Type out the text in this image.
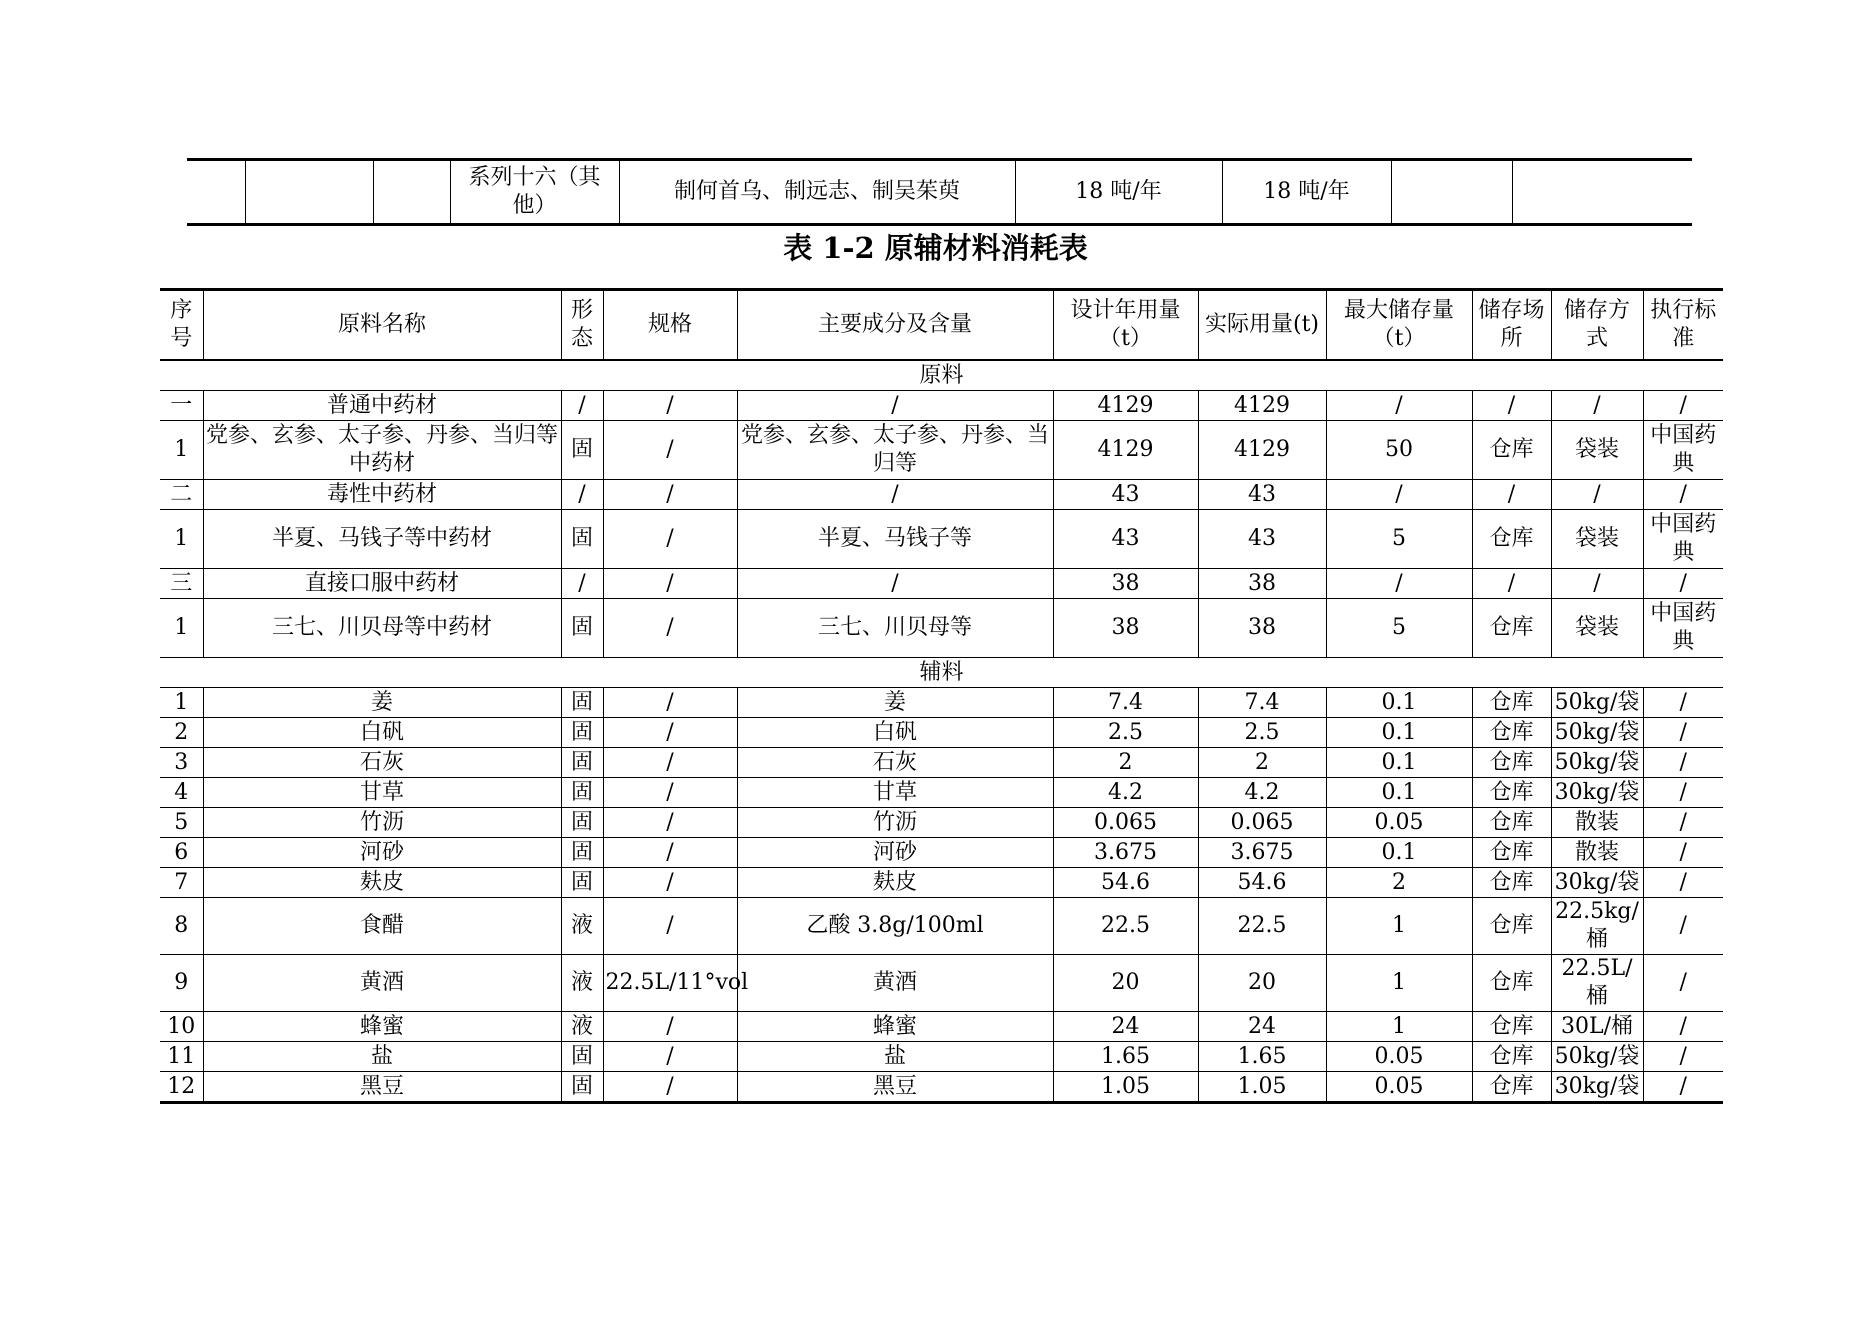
			系列十六（其他）	制何首乌、制远志、制吴茱萸	18 吨/年	18 吨/年		
表 1-2 原辅材料消耗表
序号	原料名称	形态	规格	主要成分及含量	设计年用量（t）	实际用量(t)	最大储存量（t）	储存场所	储存方式	执行标准
原料										
一	普通中药材	/	/	/	4129	4129	/	/	/	/
1	党参、玄参、太子参、丹参、当归等中药材	固	/	党参、玄参、太子参、丹参、当归等	4129	4129	50	仓库	袋装	中国药典
二	毒性中药材	/	/	/	43	43	/	/	/	/
1	半夏、马钱子等中药材	固	/	半夏、马钱子等	43	43	5	仓库	袋装	中国药典
三	直接口服中药材	/	/	/	38	38	/	/	/	/
1	三七、川贝母等中药材	固	/	三七、川贝母等	38	38	5	仓库	袋装	中国药典
辅料										
1	姜	固	/	姜	7.4	7.4	0.1	仓库	50kg/袋	/
2	白矾	固	/	白矾	2.5	2.5	0.1	仓库	50kg/袋	/
3	石灰	固	/	石灰	2	2	0.1	仓库	50kg/袋	/
4	甘草	固	/	甘草	4.2	4.2	0.1	仓库	30kg/袋	/
5	竹沥	固	/	竹沥	0.065	0.065	0.05	仓库	散装	/
6	河砂	固	/	河砂	3.675	3.675	0.1	仓库	散装	/
7	麸皮	固	/	麸皮	54.6	54.6	2	仓库	30kg/袋	/
8	食醋	液	/	乙酸 3.8g/100ml	22.5	22.5	1	仓库	22.5kg/桶	/
9	黄酒	液	22.5L/11°vol	黄酒	20	20	1	仓库	22.5L/桶	/
10	蜂蜜	液	/	蜂蜜	24	24	1	仓库	30L/桶	/
11	盐	固	/	盐	1.65	1.65	0.05	仓库	50kg/袋	/
12	黑豆	固	/	黑豆	1.05	1.05	0.05	仓库	30kg/袋	/
